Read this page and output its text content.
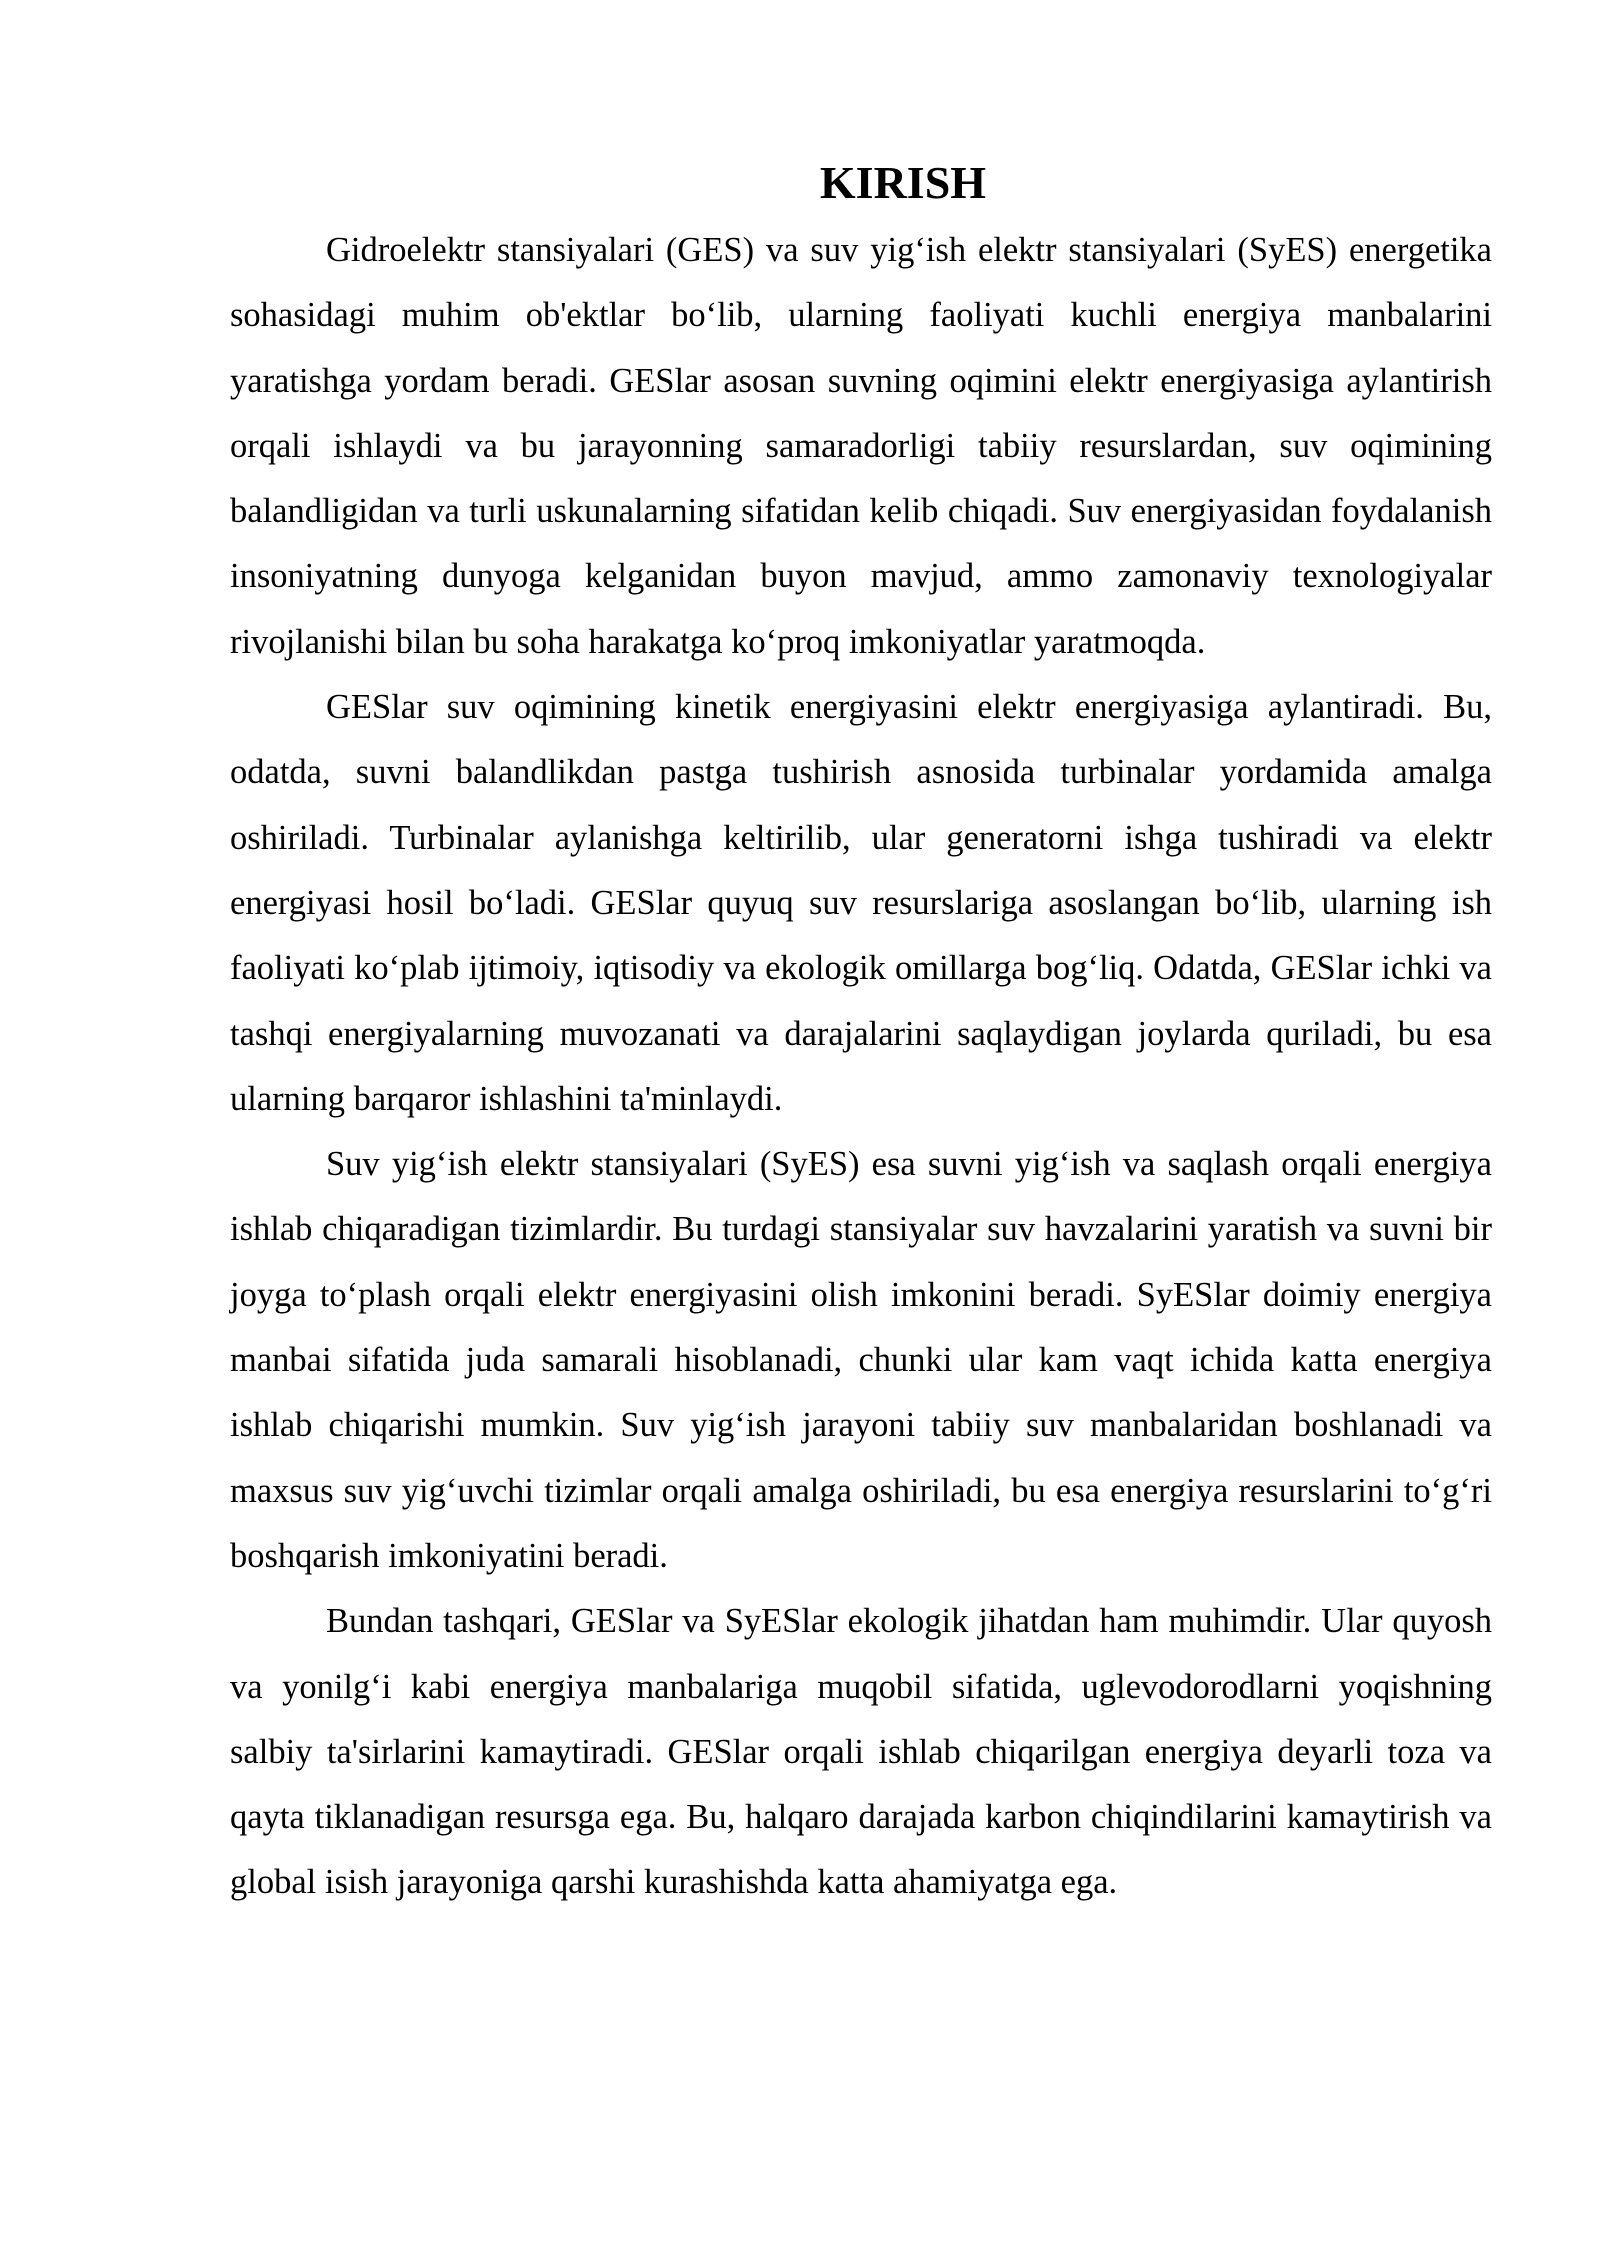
KIRISH

Gidroelektr stansiyalari (GES) va suv yig‘ish elektr stansiyalari (SyES) energetika sohasidagi muhim ob'ektlar bo‘lib, ularning faoliyati kuchli energiya manbalarini yaratishga yordam beradi. GESlar asosan suvning oqimini elektr energiyasiga aylantirish orqali ishlaydi va bu jarayonning samaradorligi tabiiy resurslardan, suv oqimining balandligidan va turli uskunalarning sifatidan kelib chiqadi. Suv energiyasidan foydalanish insoniyatning dunyoga kelganidan buyon mavjud, ammo zamonaviy texnologiyalar rivojlanishi bilan bu soha harakatga ko‘proq imkoniyatlar yaratmoqda.

GESlar suv oqimining kinetik energiyasini elektr energiyasiga aylantiradi. Bu, odatda, suvni balandlikdan pastga tushirish asnosida turbinalar yordamida amalga oshiriladi. Turbinalar aylanishga keltirilib, ular generatorni ishga tushiradi va elektr energiyasi hosil bo‘ladi. GESlar quyuq suv resurslariga asoslangan bo‘lib, ularning ish faoliyati ko‘plab ijtimoiy, iqtisodiy va ekologik omillarga bog‘liq. Odatda, GESlar ichki va tashqi energiyalarning muvozanati va darajalarini saqlaydigan joylarda quriladi, bu esa ularning barqaror ishlashini ta'minlaydi.

Suv yig‘ish elektr stansiyalari (SyES) esa suvni yig‘ish va saqlash orqali energiya ishlab chiqaradigan tizimlardir. Bu turdagi stansiyalar suv havzalarini yaratish va suvni bir joyga to‘plash orqali elektr energiyasini olish imkonini beradi. SyESlar doimiy energiya manbai sifatida juda samarali hisoblanadi, chunki ular kam vaqt ichida katta energiya ishlab chiqarishi mumkin. Suv yig‘ish jarayoni tabiiy suv manbalaridan boshlanadi va maxsus suv yig‘uvchi tizimlar orqali amalga oshiriladi, bu esa energiya resurslarini to‘g‘ri boshqarish imkoniyatini beradi.

Bundan tashqari, GESlar va SyESlar ekologik jihatdan ham muhimdir. Ular quyosh va yonilg‘i kabi energiya manbalariga muqobil sifatida, uglevodorodlarni yoqishning salbiy ta'sirlarini kamaytiradi. GESlar orqali ishlab chiqarilgan energiya deyarli toza va qayta tiklanadigan resursga ega. Bu, halqaro darajada karbon chiqindilarini kamaytirish va global isish jarayoniga qarshi kurashishda katta ahamiyatga ega.
